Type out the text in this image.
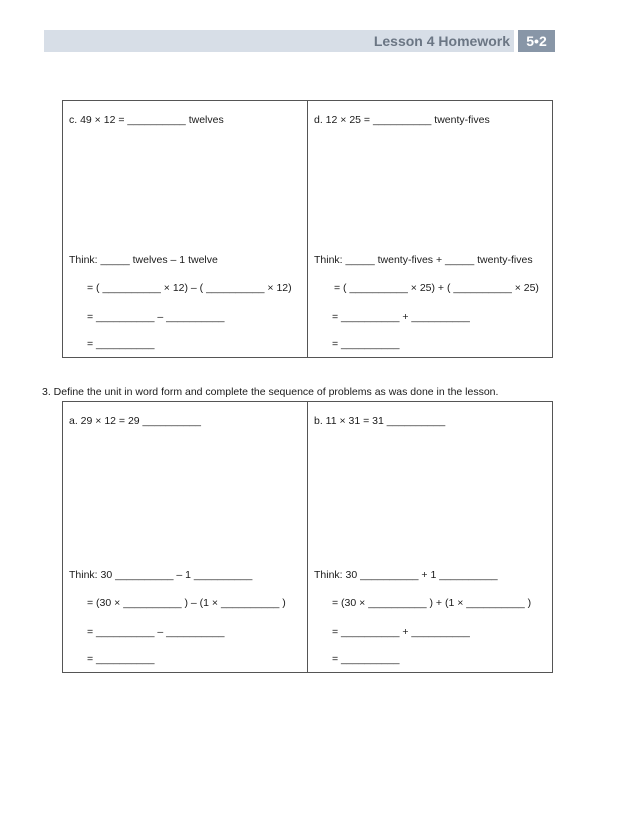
Lesson 4 Homework	5•2
c. 49 × 12 = __________ twelves
Think: _____ twelves – 1 twelve
= ( __________ × 12) – ( __________ × 12)
= __________ – __________
= __________
d. 12 × 25 = __________ twenty-fives
Think: _____ twenty-fives + _____ twenty-fives
= ( __________ × 25) + ( __________ × 25)
= __________ + __________
= __________
3. Define the unit in word form and complete the sequence of problems as was done in the lesson.
a. 29 × 12 = 29 __________
Think: 30 __________ – 1 __________
= (30 × __________ ) – (1 × __________ )
= __________ – __________
= __________
b. 11 × 31 = 31 __________
Think: 30 __________ + 1 __________
= (30 × __________ ) + (1 × __________ )
= __________ + __________
= __________
